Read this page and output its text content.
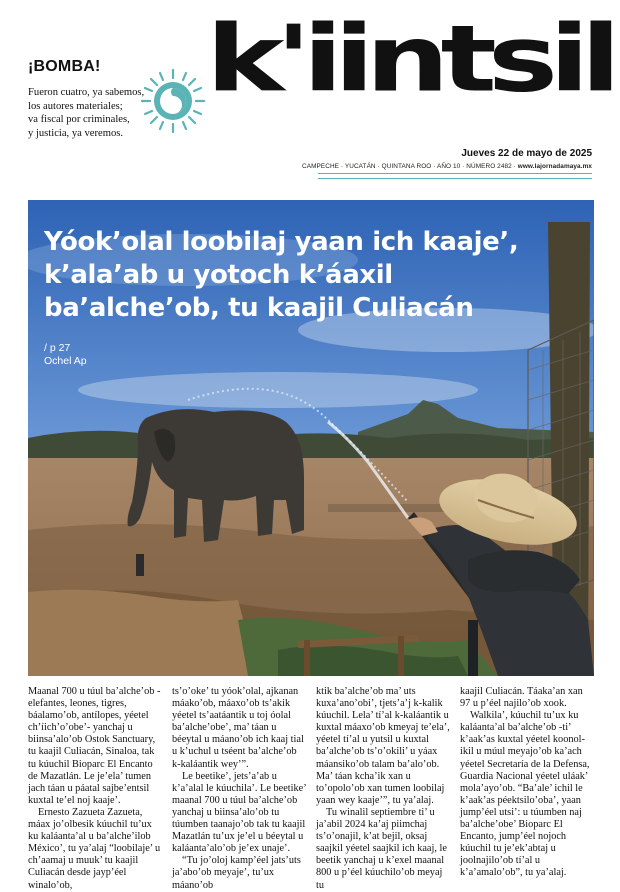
¡BOMBA!
Fueron cuatro, ya sabemos,
los autores materiales;
va fiscal por criminales,
y justicia, ya veremos.
k'iintsil
Jueves 22 de mayo de 2025
CAMPECHE · YUCATÁN · QUINTANA ROO · AÑO 10 · NÚMERO 2482 · www.lajornadamaya.mx
Yóok’olal loobilaj yaan ich kaaje’, k’ala’ab u yotoch k’áaxil ba’alche’ob, tu kaajil Culiacán
/ p 27
Ochel Ap

Maanal 700 u túul ba’alche’ob -elefantes, leones, tigres, báalamo’ob, antílopes, yéetel ch’íich’o’obe’- yanchaj u biinsa’alo’ob Ostok Sanctuary, tu kaajil Culiacán, Sinaloa, tak tu kúuchil Bioparc El Encanto de Mazatlán. Le je’ela’ tumen jach táan u páatal sajbe’entsil kuxtal te’el noj kaaje’.

Ernesto Zazueta Zazueta, máax jo’olbesik kúuchil tu’ux ku kaláanta’al u ba’alche’ilob México’, tu ya’alaj “loobilaje’ u ch’aamaj u muuk’ tu kaajil Culiacán desde jayp’éel winalo’ob,

ts’o’oke’ tu yóok’olal, ajkanan máako’ob, máaxo’ob ts’akik yéetel ts’aatáantik u toj óolal ba’alche’obe’, ma’ táan u béeytal u máano’ob ich kaaj tial u k’uchul u tséent ba’alche’ob k-kaláantik wey’”.

Le beetike’, jets’a’ab u k’a’alal le kúuchila’. Le beetike’ maanal 700 u túul ba’alche’ob yanchaj u biinsa’alo’ob tu túumben taanajo’ob tak tu kaajil Mazatlán tu’ux je’el u béeytal u kaláanta’alo’ob je’ex unaje’.

“Tu jo’oloj kamp’éel jats’uts ja’abo’ob meyaje’, tu’ux máano’ob

ktik ba’alche’ob ma’ uts kuxa’ano’obi’, tjets’a’j k-kalik kúuchil. Lela’ tí’al k-kaláantik u kuxtal máaxo’ob kmeyaj te’ela’, yéetel tí’al u yutsil u kuxtal ba’alche’ob ts’o’okili’ u yáax máansiko’ob talam ba’alo’ob. Ma’ táan kcha’ik xan u to’opolo’ob xan tumen loobilaj yaan wey kaaje’”, tu ya’alaj.

Tu winalil septiembre ti’ u ja’abil 2024 ka’aj piimchaj ts’o’onajil, k’at bejil, oksaj saajkil yéetel saajkil ich kaaj, le beetik yanchaj u k’exel maanal 800 u p’éel kúuchilo’ob meyaj tu

kaajil Culiacán. Táaka’an xan 97 u p’éel najilo’ob xook.

Walkila’, kúuchil tu’ux ku kaláanta’al ba’alche’ob -ti’ k’aak’as kuxtal yéetel koonol- ikil u múul meyajo’ob ka’ach yéetel Secretaría de la Defensa, Guardia Nacional yéetel uláak’ mola’ayo’ob. “Ba’ale’ ichil le k’aak’as péektsilo’oba’, yaan jump’éel utsi’: u túumben naj ba’alche’obe’ Bioparc El Encanto, jump’éel nojoch kúuchil tu je’ek’abtaj u joolnajilo’ob tí’al u k’a’amalo’ob”, tu ya’alaj.
